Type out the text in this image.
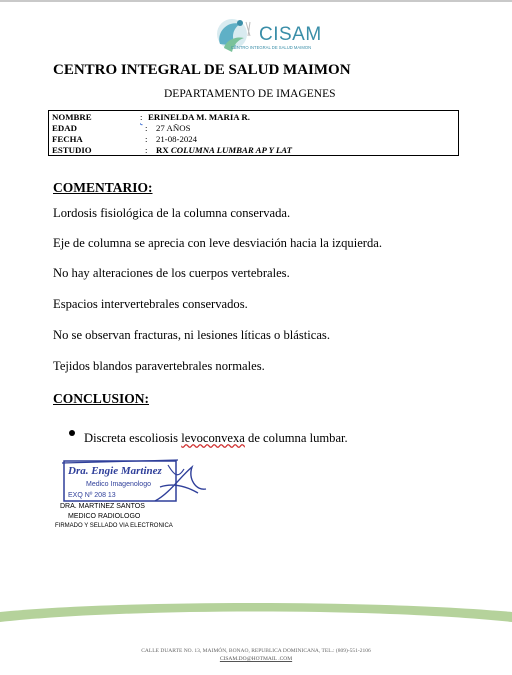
CISAM
CENTRO INTEGRAL DE SALUD MAIMON
CENTRO INTEGRAL DE SALUD MAIMON
DEPARTAMENTO DE IMAGENES
NOMBRE	: ERINELDA M. MARIA R.
EDAD	: 27 AÑOS
FECHA	: 21-08-2024
ESTUDIO	: RX COLUMNA LUMBAR AP Y LAT
COMENTARIO:
Lordosis fisiológica de la columna conservada.
Eje de columna se aprecia con leve desviación hacia la izquierda.
No hay alteraciones de los cuerpos vertebrales.
Espacios intervertebrales conservados.
No se observan fracturas, ni lesiones líticas o blásticas.
Tejidos blandos paravertebrales normales.
CONCLUSION:
Discreta escoliosis levoconvexa de columna lumbar.
Dra. Engie Martinez
Medico Imagenologo
EXQ Nº 208 13
DRA. MARTINEZ SANTOS
MEDICO RADIOLOGO
FIRMADO Y SELLADO VIA ELECTRONICA
CALLE DUARTE NO. 13, MAIMÓN, BONAO, REPUBLICA DOMINICANA, TEL.: (809)-551-2106
CISAM.DO@HOTMAIL .COM
